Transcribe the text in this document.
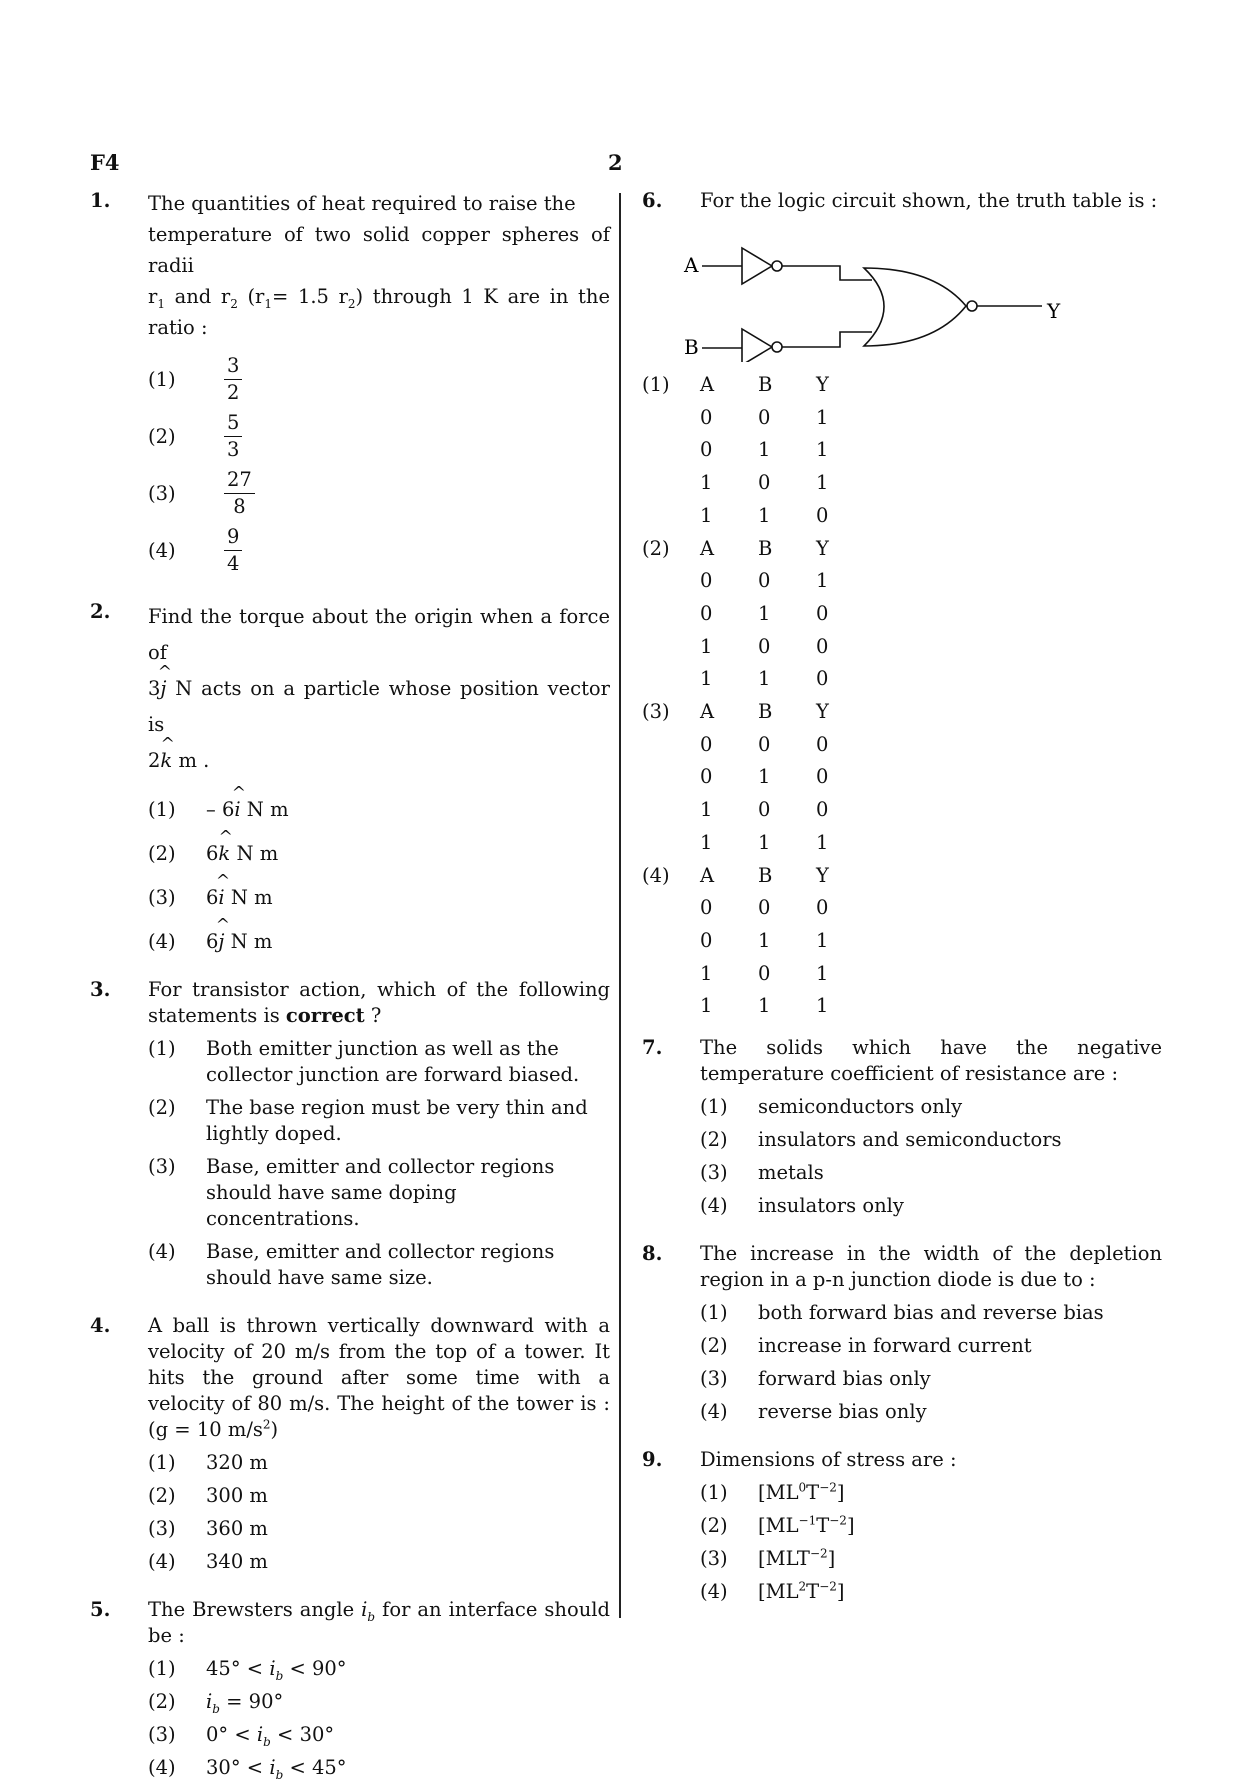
F4	2
1. The quantities of heat required to raise the
temperature of two solid copper spheres of radii
$r_1$ and $r_2$ ($r_1= 1.5$ $r_2$) through 1 K are in the
ratio :
(1)	$\frac{3}{2}$
(2)	$\frac{5}{3}$
(3)	$\frac{27}{8}$
(4)	$\frac{9}{4}$
2. Find the torque about the origin when a force of
3^ j N acts on a particle whose position vector is
2^ k m .
(1)	– 6^ i N m
(2)	6^ k N m
(3)	6^ i N m
(4)	6^ j N m
3. For transistor action, which of the following statements is correct ?
(1)	Both emitter junction as well as the collector junction are forward biased.
(2)	The base region must be very thin and lightly doped.
(3)	Base, emitter and collector regions should have same doping concentrations.
(4)	Base, emitter and collector regions should have same size.
4. A ball is thrown vertically downward with a velocity of 20 m/s from the top of a tower. It hits the ground after some time with a velocity of 80 m/s. The height of the tower is : (g = 10 $m/s^2$)
(1)	320 m
(2)	300 m
(3)	360 m
(4)	340 m
5. The Brewsters angle $i_b$ for an interface should be :
(1)	$45^\circ < i_b < 90^\circ$
(2)	$i_b = 90^\circ$
(3)	$0^\circ < i_b < 30^\circ$
(4)	$30^\circ < i_b < 45^\circ$
6. For the logic circuit shown, the truth table is :
A
B
Y
(1)	A	B	Y
0	0	1
0	1	1
1	0	1
1	1	0
(2)	A	B	Y
0	0	1
0	1	0
1	0	0
1	1	0
(3)	A	B	Y
0	0	0
0	1	0
1	0	0
1	1	1
(4)	A	B	Y
0	0	0
0	1	1
1	0	1
1	1	1
7. The solids which have the negative temperature coefficient of resistance are :
(1)	semiconductors only
(2)	insulators and semiconductors
(3)	metals
(4)	insulators only
8. The increase in the width of the depletion region in a p-n junction diode is due to :
(1)	both forward bias and reverse bias
(2)	increase in forward current
(3)	forward bias only
(4)	reverse bias only
9. Dimensions of stress are :
(1)	$[ML^0T^{-2}]$
(2)	$[ML^{-1}T^{-2}]$
(3)	$[MLT^{-2}]$
(4)	$[ML^2T^{-2}]$
